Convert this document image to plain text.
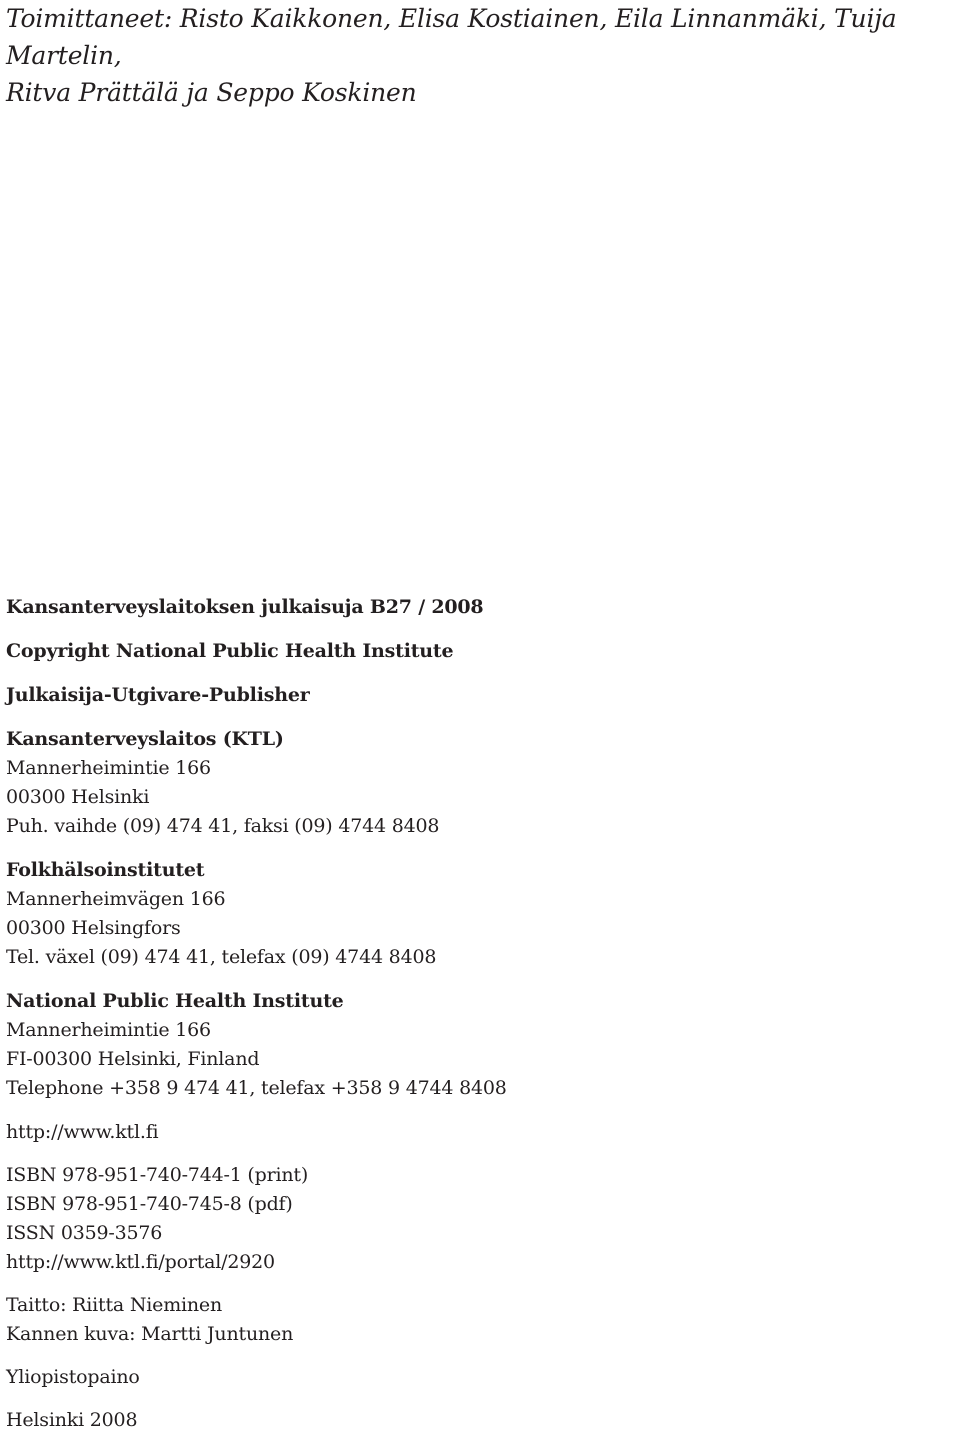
Toimittaneet: Risto Kaikkonen, Elisa Kostiainen, Eila Linnanmäki, Tuija Martelin,
Ritva Prättälä ja Seppo Koskinen
Kansanterveyslaitoksen julkaisuja B27 / 2008
Copyright National Public Health Institute
Julkaisija-Utgivare-Publisher
Kansanterveyslaitos (KTL)
Mannerheimintie 166
00300 Helsinki
Puh. vaihde (09) 474 41, faksi (09) 4744 8408
Folkhälsoinstitutet
Mannerheimvägen 166
00300 Helsingfors
Tel. växel (09) 474 41, telefax (09) 4744 8408
National Public Health Institute
Mannerheimintie 166
FI-00300 Helsinki, Finland
Telephone +358 9 474 41, telefax +358 9 4744 8408
http://www.ktl.fi
ISBN 978-951-740-744-1 (print)
ISBN 978-951-740-745-8 (pdf)
ISSN 0359-3576
http://www.ktl.fi/portal/2920
Taitto: Riitta Nieminen
Kannen kuva: Martti Juntunen
Yliopistopaino
Helsinki 2008
